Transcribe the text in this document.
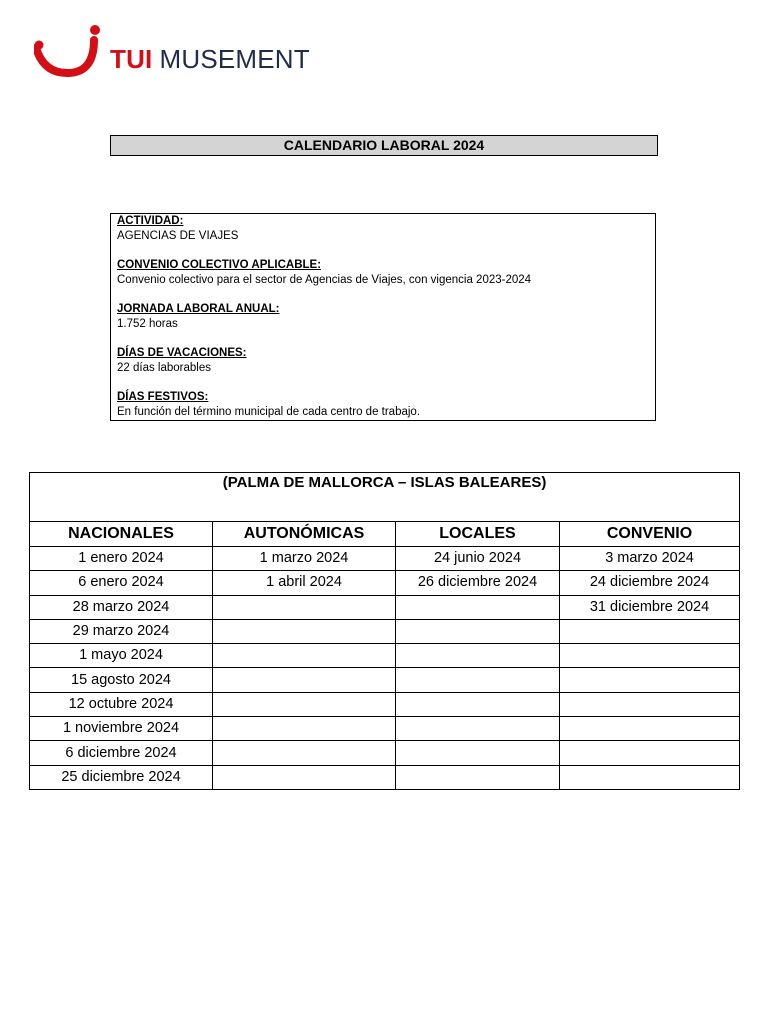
TUI MUSEMENT
CALENDARIO LABORAL 2024
ACTIVIDAD:
AGENCIAS DE VIAJES
CONVENIO COLECTIVO APLICABLE:
Convenio colectivo para el sector de Agencias de Viajes, con vigencia 2023-2024
JORNADA LABORAL ANUAL:
1.752 horas
DÍAS DE VACACIONES:
22 días laborables
DÍAS FESTIVOS:
En función del término municipal de cada centro de trabajo.
(PALMA DE MALLORCA – ISLAS BALEARES)			
NACIONALES	AUTONÓMICAS	LOCALES	CONVENIO
1 enero 2024	1 marzo 2024	24 junio 2024	3 marzo 2024
6 enero 2024	1 abril 2024	26 diciembre 2024	24 diciembre 2024
28 marzo 2024			31 diciembre 2024
29 marzo 2024			
1 mayo 2024			
15 agosto 2024			
12 octubre 2024			
1 noviembre 2024			
6 diciembre 2024			
25 diciembre 2024			
